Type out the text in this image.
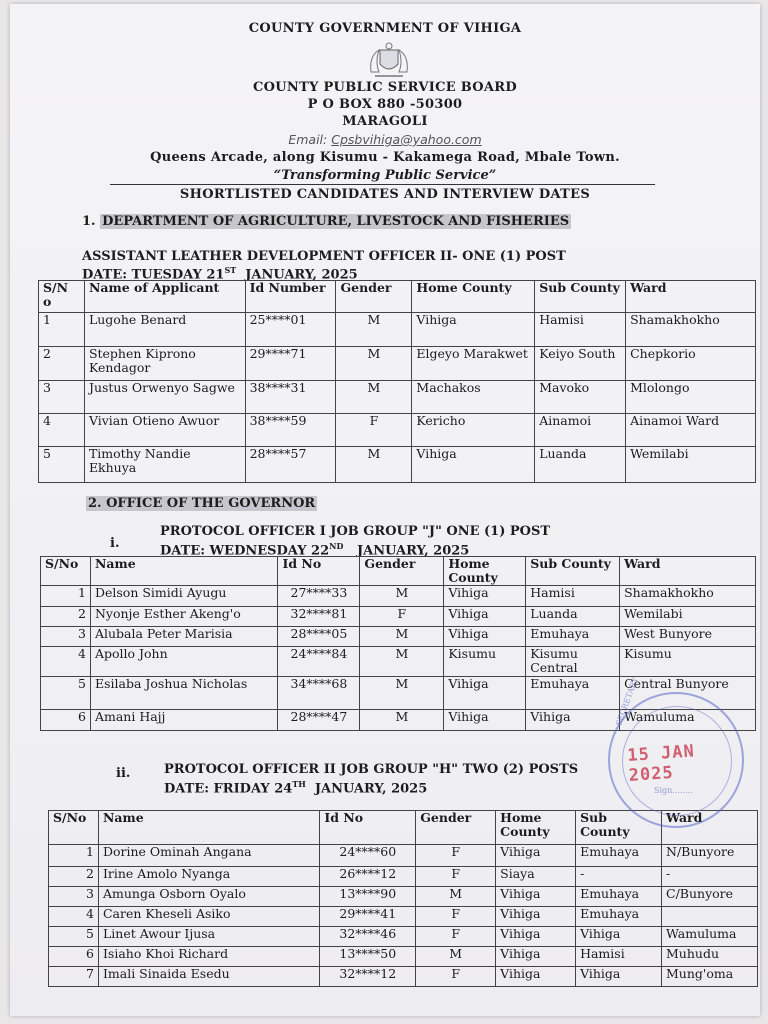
COUNTY GOVERNMENT OF VIHIGA
COUNTY PUBLIC SERVICE BOARD
P O BOX 880 -50300
MARAGOLI
Email: Cpsbvihiga@yahoo.com
Queens Arcade, along Kisumu - Kakamega Road, Mbale Town.
“Transforming Public Service”
SHORTLISTED CANDIDATES AND INTERVIEW DATES
1. DEPARTMENT OF AGRICULTURE, LIVESTOCK AND FISHERIES
ASSISTANT LEATHER DEVELOPMENT OFFICER II- ONE (1) POST
DATE: TUESDAY 21ST JANUARY, 2025
S/N o	Name of Applicant	Id Number	Gender	Home County	Sub County	Ward
1	Lugohe Benard	25****01	M	Vihiga	Hamisi	Shamakhokho
2	Stephen Kiprono Kendagor	29****71	M	Elgeyo Marakwet	Keiyo South	Chepkorio
3	Justus Orwenyo Sagwe	38****31	M	Machakos	Mavoko	Mlolongo
4	Vivian Otieno Awuor	38****59	F	Kericho	Ainamoi	Ainamoi Ward
5	Timothy Nandie Ekhuya	28****57	M	Vihiga	Luanda	Wemilabi
2. OFFICE OF THE GOVERNOR
i.
PROTOCOL OFFICER I JOB GROUP "J" ONE (1) POST
DATE: WEDNESDAY 22ND JANUARY, 2025
S/No	Name	Id No	Gender	Home County	Sub County	Ward
1	Delson Simidi Ayugu	27****33	M	Vihiga	Hamisi	Shamakhokho
2	Nyonje Esther Akeng'o	32****81	F	Vihiga	Luanda	Wemilabi
3	Alubala Peter Marisia	28****05	M	Vihiga	Emuhaya	West Bunyore
4	Apollo John	24****84	M	Kisumu	Kisumu Central	Kisumu
5	Esilaba Joshua Nicholas	34****68	M	Vihiga	Emuhaya	Central Bunyore
6	Amani Hajj	28****47	M	Vihiga	Vihiga	Wamuluma
ii.	PROTOCOL OFFICER II JOB GROUP "H" TWO (2) POSTS
DATE: FRIDAY 24TH JANUARY, 2025
S/No	Name	Id No	Gender	Home County	Sub County	Ward
1	Dorine Ominah Angana	24****60	F	Vihiga	Emuhaya	N/Bunyore
2	Irine Amolo Nyanga	26****12	F	Siaya	-	-
3	Amunga Osborn Oyalo	13****90	M	Vihiga	Emuhaya	C/Bunyore
4	Caren Kheseli Asiko	29****41	F	Vihiga	Emuhaya	
5	Linet Awour Ijusa	32****46	F	Vihiga	Vihiga	Wamuluma
6	Isiaho Khoi Richard	13****50	M	Vihiga	Hamisi	Muhudu
7	Imali Sinaida Esedu	32****12	F	Vihiga	Vihiga	Mung'oma
SECRETARY
15 JAN 2025
Sign........
